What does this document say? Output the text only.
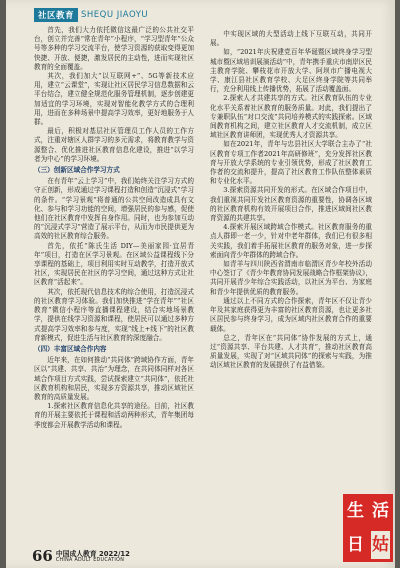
社区教育 SHEQU JIAOYU

首先，我们大力依托微信这最广泛的公共社交平台，创立并完善“常在青年”小程序，“学习型青年”公众号等多种的学习交流平台，使学习资源的获取变得更加快捷、开放、便捷，激发居民的主动性，进而实现社区教育的全面覆盖。

其次，我们加大“以互联网+”、5G等新技术应用，建立“云课堂”，实现让社区居民学习信息数据和云平台结合，建立健全规范化服务管理机制，逐步创建更加适宜的学习环境，实现对智能化教学方式的合理利用，进而在多种场景中提高学习效率，更好地服务于人群。

最后，积极对基层社区管理员工作人员的工作方式，注重对辖区人群学习的多元需求，将教育教学与资源整合、优化推进社区教育信息化建设，推进“以学习者为中心”的学习环境。

（三）创新区域合作学习方式

在有青年“云上学习”中，我们始终关注学习方式的守正创新，形成通过学习课程打造和创造“沉浸式”学习的条件。“学习景观”将普通的公共空间改造成具有文化、参与和学习功能的空间，增强居民的参与感，促使他们在社区教育中发挥自身作用。同时，也为参加互动的“沉浸式学习”营造了展示平台，从而为市民提供更为高效的社区教育综合服务。

首先，依托“陈氏生活 DIY—美丽家园·宜居青年”项目，打造在区学习景观。在区域公益课程线下分享课程的基础上，项目利用实时互动教学，打造开放式社区，实现居民在社区的学习空间，通过这种方式让社区教育“活起来”。

其次，依托现代信息技术的综合使用，打造沉浸式的社区教育学习体验。我们加快推进“学在青年”“社区教育”微信小程序等直播课程建设，结合实地场景教学，提供在线学习资源和课程，使居民可以通过多种方式提高学习效率和参与度，实现“线上+线下”的社区教育新模式，促进生活与社区教育的深度融合。

（四）丰富区域合作内容

近年来，在如何推动“共同体”跨域协作方面，青年区以“共建、共享、共治”为理念，在共同体同样对各区域合作项目方式实践，尝试探索建立“共同体”，依托社区教育机构和居民，实现多方资源共享，推动区域社区教育的高质量发展。

1.探索社区教育信息化共享的途径。目前，社区教育的开展主要依托于课程和活动两种形式，青年集团每季度都会开展教学活动和课程。

中实现区域的大型活动上线下互联互动，共同开展。

如，“2021年庆祝建党百年华诞暨区域终身学习型城市暨区域培训展演活动”中，青年携手重庆市南岸区民主教育学院、攀枝花市开放大学、阿坝市广播电视大学、康江县社区教育学校、大足区终身学院等共同举行，充分利用线上传播优势，拓展了活动覆盖面。

2.探索人才共建共享的方式。社区教育队伍的专业化水平关系着社区教育的服务质量。对此，我们提出了专兼职队伍“对口交流”共同培养模式的实践探索。区域间教育机构之间，建立社区教育人才交流机制，成立区域社区教育讲师团，实现优秀人才资源共享。

如在2021年，青年与忠县社区大学联合主办了“社区教育专项工作者2021年高研修班”，充分发挥社区教育与开放大学系统的专业引领优势，形成了社区教育工作者的交流和提升，提高了社区教育工作队伍整体素质和专业化水平。

3.探索资源共同开发的形式。在区域合作项目中，我们重视共同开发社区教育资源的重要性，协调各区域的社区教育机构有效开展项目合作，推进区域间社区教育资源的共建共享。

4.探索开展区域跨域合作模式。社区教育服务的重点人群即一老一少，针对中老年群体，我们已有很多相关实践，我们着手拓展社区教育的服务对象，进一步探索面向青少年群体的跨域合作。

如青羊与四川陕西省渭南市临渭区青少年校外活动中心签订了《青少年教育协同发展战略合作框架协议》，共同开展青少年综合实践活动，以社区为平台、为家庭和青少年提供优质的教育服务。

通过以上不同方式的合作探索，青年区不仅让青少年及其家庭获得更为丰富的社区教育资源，也让更多社区居民参与终身学习，成为区域内社区教育合作的重要载体。

总之，青年区在“共同体”协作发展的方式上，通过“资源共享、平台共建、人才共育”，推动社区教育高质量发展，实现了对“区域共同体”的探索与实践，为推动区域社区教育的发展提供了有益借鉴。

66 中国成人教育 2022/12
CHINA ADULT EDUCATION
生 活
日 姑
